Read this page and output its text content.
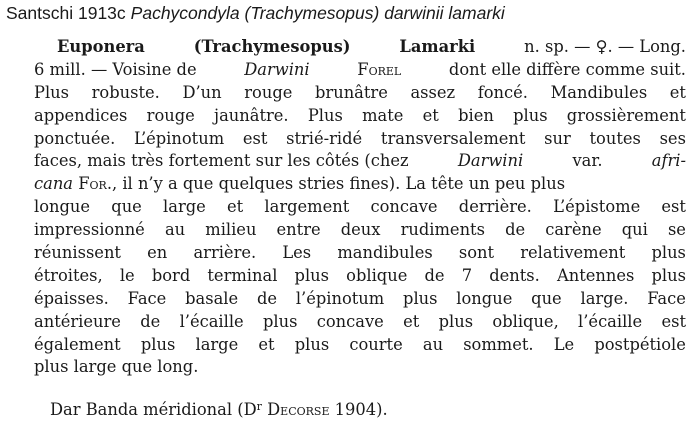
Santschi 1913c Pachycondyla (Trachymesopus) darwinii lamarki
Euponera	(Trachymesopus)	Lamarki	n. sp. — ♀. — Long.
6 mill. — Voisine de	Darwini	Forel	dont elle diffère comme suit.
Plus robuste. D’un rouge brunâtre assez foncé. Mandibules et
appendices rouge jaunâtre. Plus mate et bien plus grossièrement
ponctuée. L’épinotum est strié-ridé transversalement sur toutes ses
faces, mais très fortement sur les côtés (chez	Darwini	var.	afri-
cana For., il n’y a que quelques stries fines). La tête un peu plus
longue que large et largement concave derrière. L’épistome est
impressionné au milieu entre deux rudiments de carène qui se
réunissent en arrière. Les mandibules sont relativement plus
étroites, le bord terminal plus oblique de 7 dents. Antennes plus
épaisses. Face basale de l’épinotum plus longue que large. Face
antérieure de l’écaille plus concave et plus oblique, l’écaille est
également plus large et plus courte au sommet. Le postpétiole
plus large que long.
Dar Banda méridional ($D^r$ Decorse 1904).
